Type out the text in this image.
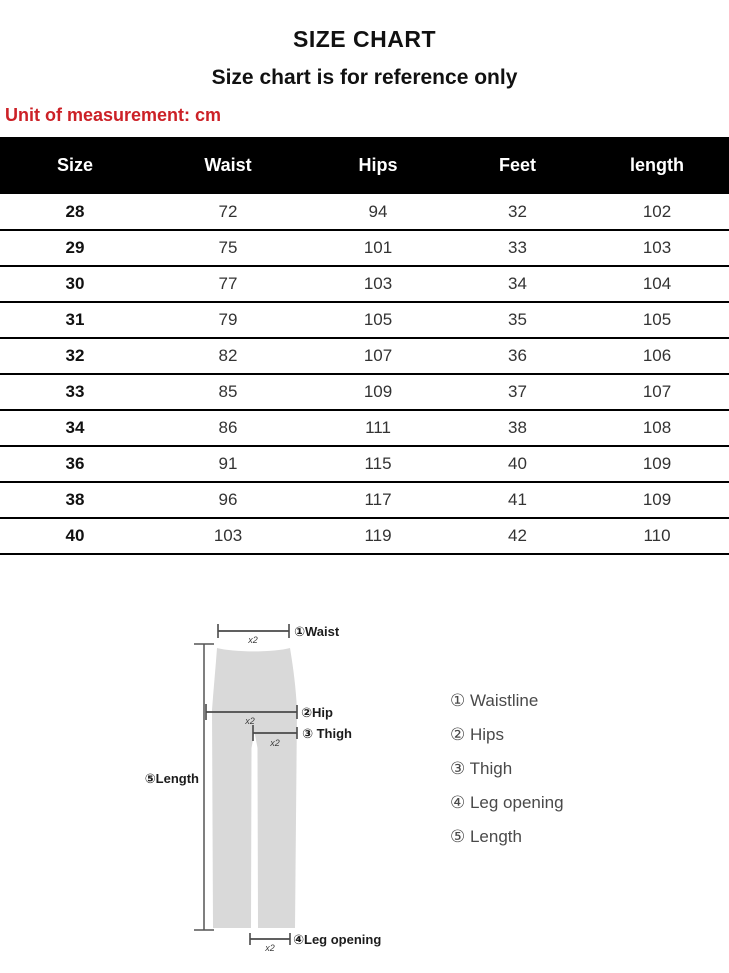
SIZE CHART
Size chart is for reference only
Unit of measurement: cm
Size	Waist	Hips	Feet	length
28	72	94	32	102
29	75	101	33	103
30	77	103	34	104
31	79	105	35	105
32	82	107	36	106
33	85	109	37	107
34	86	111	38	108
36	91	115	40	109
38	96	117	41	109
40	103	119	42	110
x2
①Waist
⑤Length
x2
②Hip
x2
③ Thigh
x2
④Leg opening
① Waistline
② Hips
③ Thigh
④ Leg opening
⑤ Length
